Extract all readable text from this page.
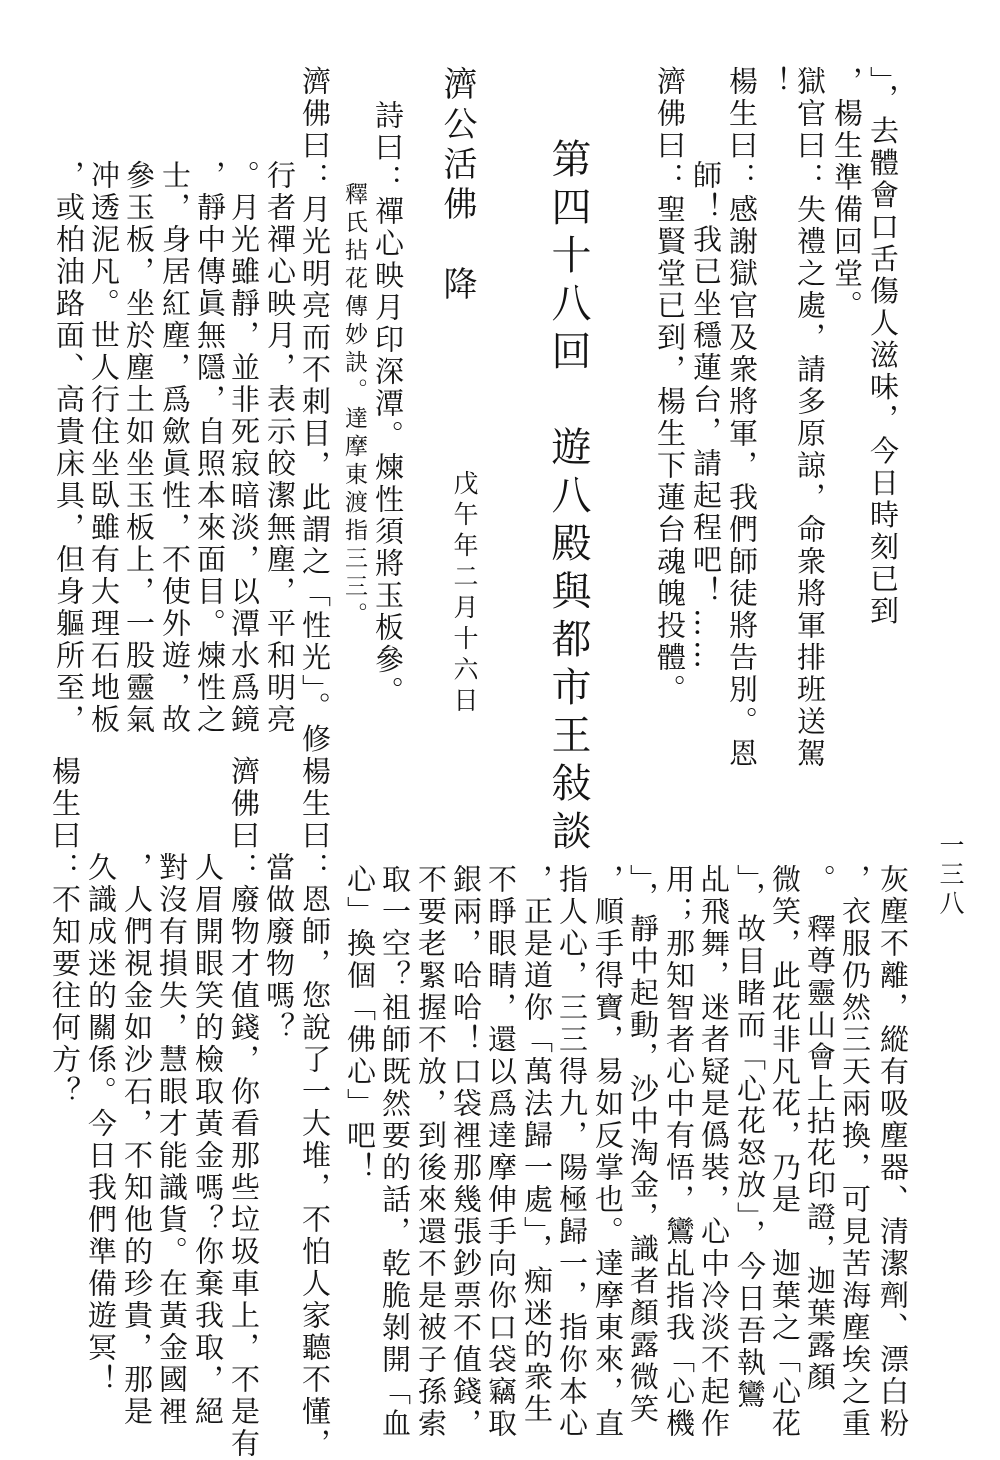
一三八
」，去體會口舌傷人滋味，今日時刻已到
，楊生準備回堂。
獄官曰：失禮之處，請多原諒，命衆將軍排班送駕
！
楊生曰：感謝獄官及衆將軍，我們師徒將告別。恩
師！我已坐穩蓮台，請起程吧！……
濟佛曰：聖賢堂已到，楊生下蓮台魂魄投體。
第四十八回　遊八殿與都市王敍談
戊午年二月十六日
濟公活佛　降
詩曰：禪心映月印深潭。煉性須將玉板參。
釋氏拈花傳妙訣。達摩東渡指三三。
濟佛曰：月光明亮而不刺目，此謂之「性光」。修
行者禪心映月，表示皎潔無塵，平和明亮
。月光雖靜，並非死寂暗淡，以潭水爲鏡
，靜中傳眞無隱，自照本來面目。煉性之
士，身居紅塵，爲歛眞性，不使外遊，故
參玉板，坐於塵土如坐玉板上，一股靈氣
冲透泥凡。世人行住坐臥雖有大理石地板
，或柏油路面、高貴床具，但身軀所至，
灰塵不離，縱有吸塵器、清潔劑、漂白粉
，衣服仍然三天兩換，可見苦海塵埃之重
。　釋尊靈山會上拈花印證，迦葉露顏
微笑，此花非凡花，乃是　迦葉之「心花
」，故目睹而「心花怒放」，今日吾執鸞
乩飛舞，迷者疑是僞裝，心中冷淡不起作
用；那知智者心中有悟，鸞乩指我「心機
」，靜中起動，沙中淘金，識者顏露微笑
，順手得寶，易如反掌也。達摩東來，直
指人心，三三得九，陽極歸一，指你本心
，正是道你「萬法歸一處」，痴迷的衆生
不睜眼睛，還以爲達摩伸手向你口袋竊取
銀兩，哈哈！口袋裡那幾張鈔票不值錢，
不要老緊握不放，到後來還不是被子孫索
取一空？祖師既然要的話，乾脆剝開「血
心」換個「佛心」吧！
楊生曰：恩師，您說了一大堆，不怕人家聽不懂，
當做廢物嗎？
濟佛曰：廢物才值錢，你看那些垃圾車上，不是有
人眉開眼笑的檢取黃金嗎？你棄我取，絕
對沒有損失，慧眼才能識貨。在黃金國裡
，人們視金如沙石，不知他的珍貴，那是
久識成迷的關係。今日我們準備遊冥！
楊生曰：不知要往何方？
